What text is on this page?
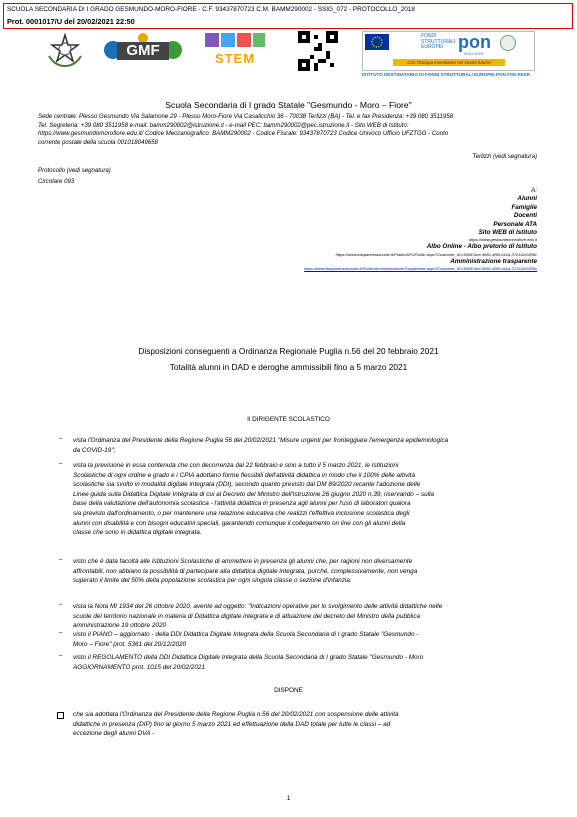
SCUOLA SECONDARIA DI I GRADO GESMUNDO-MORO-FIORE - C.F. 93437870723 C.M. BAMM290002 - SSIG_072 - PROTOCOLLO_2018
Prot. 0001017/U del 20/02/2021 22:50
GMF	STEM
FONDI
STRUTTURALI
EUROPEI pon
2014-2020
Con l'Europa investiamo nel vostro futuro!
ISTITUTO DESTINATARIO DI FONDI STRUTTURALI EUROPEI PON FSE-FESR
Scuola Secondaria di I grado Statale "Gesmundo - Moro – Fiore"
Sede centrale: Plesso Gesmundo Via Salamone 29 - Plesso Moro-Fiore Via Casalicchio 36 - 70038 Terlizzi (BA) - Tel. e fax Presidenza: +39 080 3511958
Tel. Segreteria: +39 080 3511958 e-mail: bamm290002@istruzione.it - e-mail PEC: bamm290002@pec.istruzione.it - Sito WEB di Istituto:
https://www.gesmundomorofiore.edu.it/ Codice Meccanografico: BAMM290002 - Codice Fiscale: 93437870723 Codice Univoco Ufficio UFZTGG - Conto
corrente postale della scuola 001018049658
Terlizzi (vedi segnatura)
Protocollo (vedi segnatura)
Circolare 093
A:
Alunni
Famiglie
Docenti
Personale ATA
Sito WEB di Istituto
https://www.gesmundomorofiore.edu.it
Albo Online - Albo pretorio di Istituto
https://www.trasparenzascuole.it/Public/APOPublic.aspx?Customer_ID=39067ace-9681-4f60-b11d-372111c0208c
Amministrazione trasparente
https://www.trasparenzascuole.it/Public/AmministrazioneTrasparente.aspx?Customer_ID=39067ace-9681-4f60-b11d-372111c0208c
Disposizioni conseguenti a Ordinanza Regionale Puglia n.56 del 20 febbraio 2021
Totalità alunni in DAD e deroghe ammissibili fino a 5 marzo 2021
Il DIRIGENTE SCOLASTICO
– vista l'Ordinanza del Presidente della Regione Puglia 56 del 20/02/2021 "Misure urgenti per fronteggiare l'emergenza epidemiologica
da COVID-19";
– vista la previsione in essa contenuta che con decorrenza dal 22 febbraio e sino a tutto il 5 marzo 2021, le Istituzioni
Scolastiche di ogni ordine e grado e i CPIA adottano forme flessibili dell'attività didattica in modo che il 100% delle attività
scolastiche sia svolto in modalità digitale integrata (DDI), secondo quanto previsto dal DM 89/2020 recante l'adozione delle
Linee guida sulla Didattica Digitale Integrata di cui al Decreto del Ministro dell'Istruzione 26 giugno 2020 n.39, riservando – sulla
base della valutazione dell'autonomia scolastica - l'attività didattica in presenza agli alunni per l'uso di laboratori qualora
sia previsto dall'ordinamento, o per mantenere una relazione educativa che realizzi l'effettiva inclusione scolastica degli
alunni con disabilità e con bisogni educativi speciali, garantendo comunque il collegamento on line con gli alunni della
classe che sono in didattica digitale integrata.
– visto che è data facoltà alle Istituzioni Scolastiche di ammettere in presenza gli alunni che, per ragioni non diversamente
affrontabili, non abbiano la possibilità di partecipare alla didattica digitale integrata, purché, complessivamente, non venga
superato il limite del 50% della popolazione scolastica per ogni singola classe o sezione d'infanzia.
– vista la Nota MI 1934 del 26 ottobre 2020, avente ad oggetto: "Indicazioni operative per lo svolgimento delle attività didattiche nelle
scuole del territorio nazionale in materia di Didattica digitale integrata e di attuazione del decreto del Ministro della pubblica
amministrazione 19 ottobre 2020
– visto il PIANO – aggiornato - della DDI Didattica Digitale Integrata della Scuola Secondaria di I grado Statale "Gesmundo -
Moro – Fiore" prot. 5361 del 20/12/2020
– visto il REGOLAMENTO della DDI Didattica Digitale Integrata della Scuola Secondaria di I grado Statale "Gesmundo - Moro
AGGIORNAMENTO prot. 1015 del 20/02/2021
DISPONE
che sia adottata l'Ordinanza del Presidente della Regione Puglia n.56 del 20/02/2021 con sospensione delle attività
didattiche in presenza (DIP) fino al giorno 5 marzo 2021 ed effettuazione della DAD totale per tutte le classi – ad
eccezione degli alunni DVA -
1
